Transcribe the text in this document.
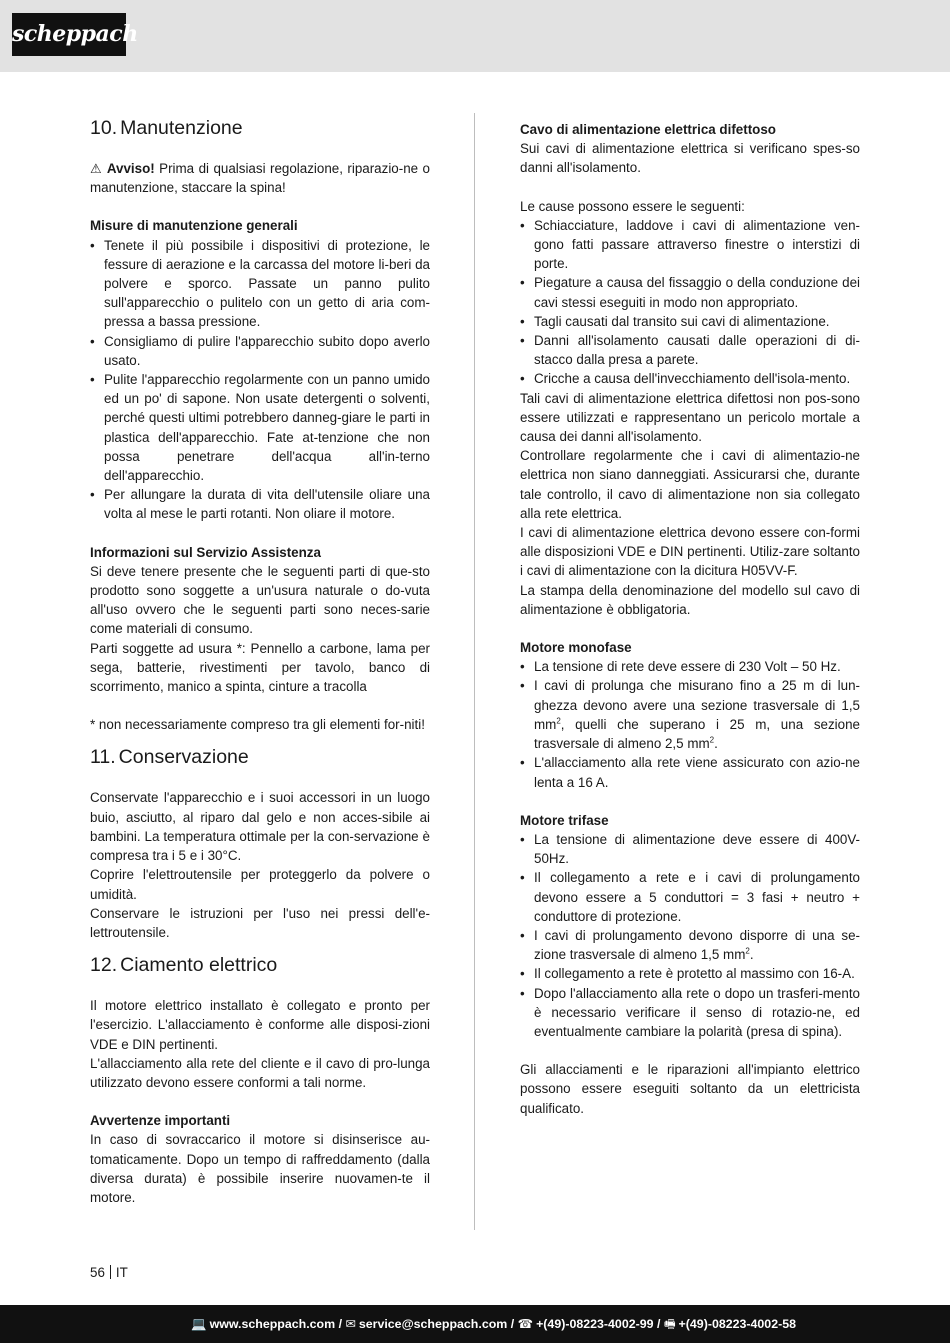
scheppach
10. Manutenzione

⚠ Avviso! Prima di qualsiasi regolazione, riparazio-ne o manutenzione, staccare la spina!

Misure di manutenzione generali

• Tenete il più possibile i dispositivi di protezione, le fessure di aerazione e la carcassa del motore li-beri da polvere e sporco. Passate un panno pulito sull'apparecchio o pulitelo con un getto di aria com-pressa a bassa pressione.
• Consigliamo di pulire l'apparecchio subito dopo averlo usato.
• Pulite l'apparecchio regolarmente con un panno umido ed un po' di sapone. Non usate detergenti o solventi, perché questi ultimi potrebbero danneg-giare le parti in plastica dell'apparecchio. Fate at-tenzione che non possa penetrare dell'acqua all'in-terno dell'apparecchio.
• Per allungare la durata di vita dell'utensile oliare una volta al mese le parti rotanti. Non oliare il motore.

Informazioni sul Servizio Assistenza

Si deve tenere presente che le seguenti parti di que-sto prodotto sono soggette a un'usura naturale o do-vuta all'uso ovvero che le seguenti parti sono neces-sarie come materiali di consumo.

Parti soggette ad usura *: Pennello a carbone, lama per sega, batterie, rivestimenti per tavolo, banco di scorrimento, manico a spinta, cinture a tracolla

* non necessariamente compreso tra gli elementi for-niti!

11. Conservazione

Conservate l'apparecchio e i suoi accessori in un luogo buio, asciutto, al riparo dal gelo e non acces-sibile ai bambini. La temperatura ottimale per la con-servazione è compresa tra i 5 e i 30°C.

Coprire l'elettroutensile per proteggerlo da polvere o umidità.

Conservare le istruzioni per l'uso nei pressi dell'e-lettroutensile.

12. Ciamento elettrico

Il motore elettrico installato è collegato e pronto per l'esercizio. L'allacciamento è conforme alle disposi-zioni VDE e DIN pertinenti.

L'allacciamento alla rete del cliente e il cavo di pro-lunga utilizzato devono essere conformi a tali norme.

Avvertenze importanti

In caso di sovraccarico il motore si disinserisce au-tomaticamente. Dopo un tempo di raffreddamento (dalla diversa durata) è possibile inserire nuovamen-te il motore.

Cavo di alimentazione elettrica difettoso

Sui cavi di alimentazione elettrica si verificano spes-so danni all'isolamento.

Le cause possono essere le seguenti:

• Schiacciature, laddove i cavi di alimentazione ven-gono fatti passare attraverso finestre o interstizi di porte.
• Piegature a causa del fissaggio o della conduzione dei cavi stessi eseguiti in modo non appropriato.
• Tagli causati dal transito sui cavi di alimentazione.
• Danni all'isolamento causati dalle operazioni di di-stacco dalla presa a parete.
• Cricche a causa dell'invecchiamento dell'isola-mento.

Tali cavi di alimentazione elettrica difettosi non pos-sono essere utilizzati e rappresentano un pericolo mortale a causa dei danni all'isolamento.

Controllare regolarmente che i cavi di alimentazio-ne elettrica non siano danneggiati. Assicurarsi che, durante tale controllo, il cavo di alimentazione non sia collegato alla rete elettrica.

I cavi di alimentazione elettrica devono essere con-formi alle disposizioni VDE e DIN pertinenti. Utiliz-zare soltanto i cavi di alimentazione con la dicitura H05VV-F.

La stampa della denominazione del modello sul cavo di alimentazione è obbligatoria.

Motore monofase

• La tensione di rete deve essere di 230 Volt – 50 Hz.
• I cavi di prolunga che misurano fino a 25 m di lun-ghezza devono avere una sezione trasversale di 1,5 $mm^2$, quelli che superano i 25 m, una sezione trasversale di almeno 2,5 $mm^2$.
• L'allacciamento alla rete viene assicurato con azio-ne lenta a 16 A.

Motore trifase

• La tensione di alimentazione deve essere di 400V-50Hz.
• Il collegamento a rete e i cavi di prolungamento devono essere a 5 conduttori = 3 fasi + neutro + conduttore di protezione.
• I cavi di prolungamento devono disporre di una se-zione trasversale di almeno 1,5 $mm^2$.
• Il collegamento a rete è protetto al massimo con 16-A.
• Dopo l'allacciamento alla rete o dopo un trasferi-mento è necessario verificare il senso di rotazio-ne, ed eventualmente cambiare la polarità (presa di spina).

Gli allacciamenti e le riparazioni all'impianto elettrico possono essere eseguiti soltanto da un elettricista qualificato.

56 IT
💻 www.scheppach.com / ✉ service@scheppach.com / ☎ +(49)-08223-4002-99 / 🖷 +(49)-08223-4002-58
